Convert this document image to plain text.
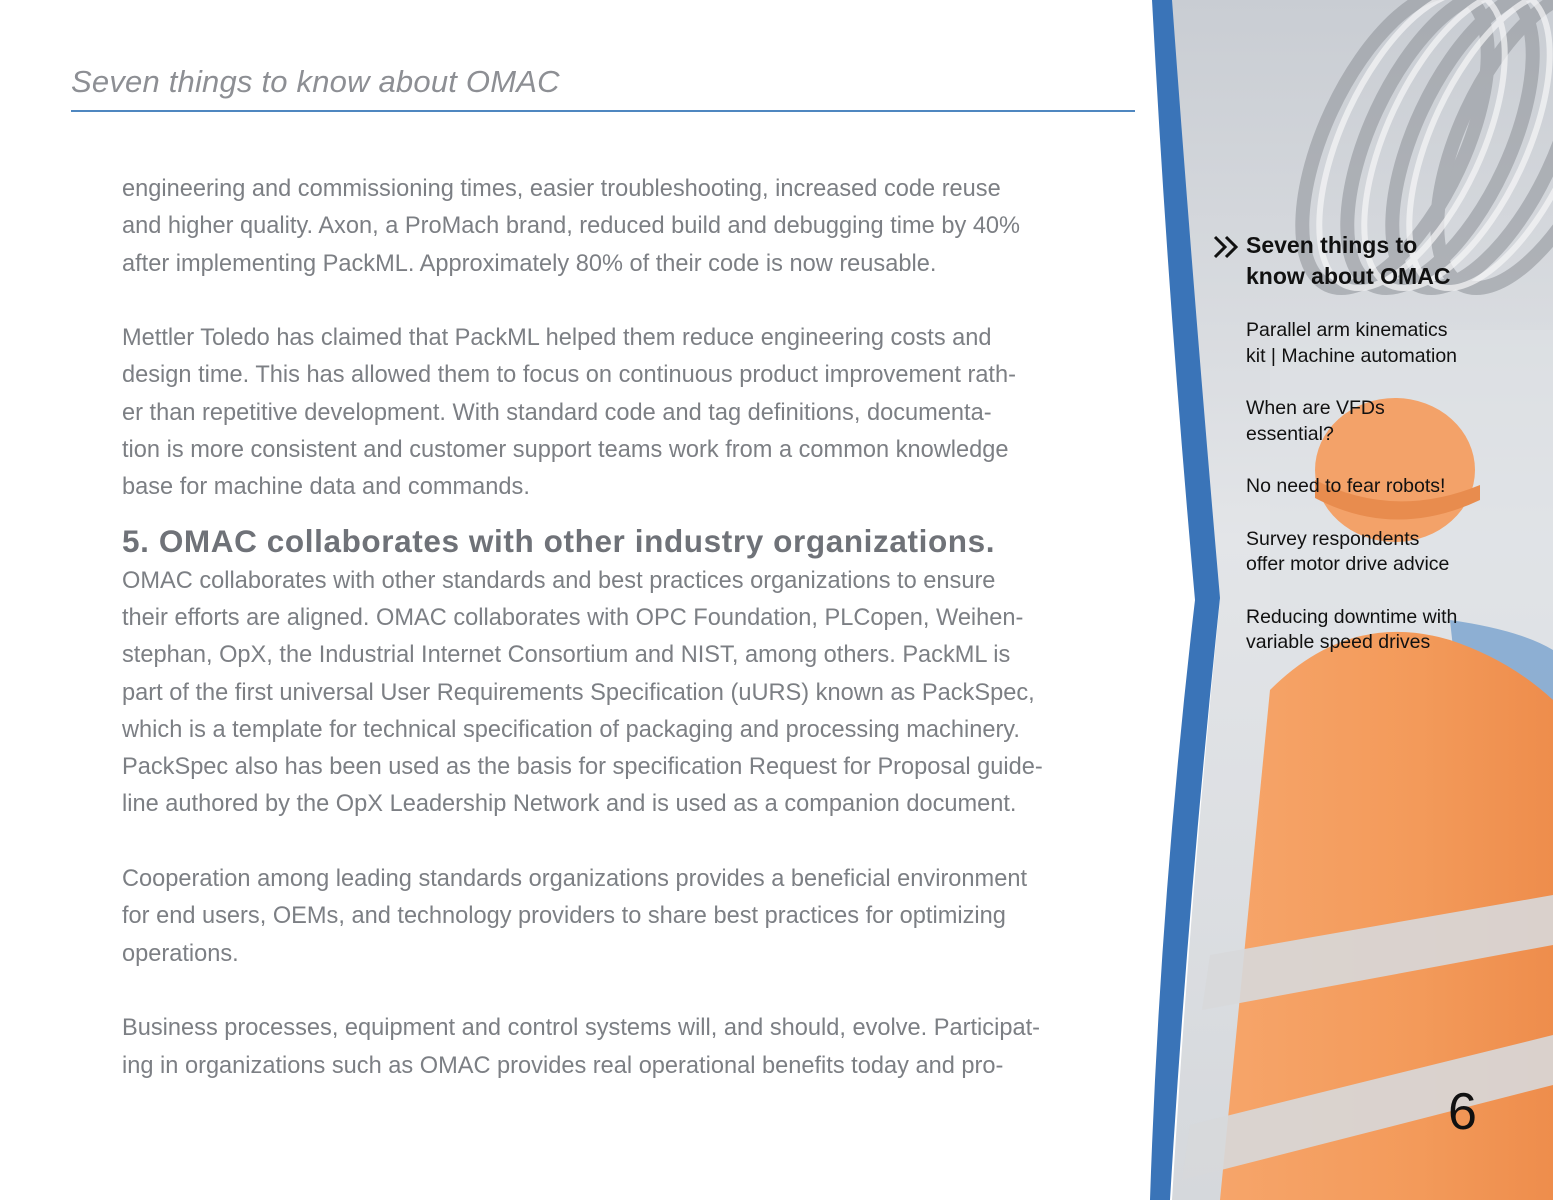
Seven things to know about OMAC

engineering and commissioning times, easier troubleshooting, increased code reuse

and higher quality. Axon, a ProMach brand, reduced build and debugging time by 40%

after implementing PackML. Approximately 80% of their code is now reusable.

Mettler Toledo has claimed that PackML helped them reduce engineering costs and

design time. This has allowed them to focus on continuous product improvement rath-

er than repetitive development. With standard code and tag definitions, documenta-

tion is more consistent and customer support teams work from a common knowledge

base for machine data and commands.

5. OMAC collaborates with other industry organizations.

OMAC collaborates with other standards and best practices organizations to ensure

their efforts are aligned. OMAC collaborates with OPC Foundation, PLCopen, Weihen-

stephan, OpX, the Industrial Internet Consortium and NIST, among others. PackML is

part of the first universal User Requirements Specification (uURS) known as PackSpec,

which is a template for technical specification of packaging and processing machinery.

PackSpec also has been used as the basis for specification Request for Proposal guide-

line authored by the OpX Leadership Network and is used as a companion document.

Cooperation among leading standards organizations provides a beneficial environment

for end users, OEMs, and technology providers to share best practices for optimizing

operations.

Business processes, equipment and control systems will, and should, evolve. Participat-

ing in organizations such as OMAC provides real operational benefits today and pro-

Seven things to
know about OMAC
Parallel arm kinematics
kit | Machine automation
When are VFDs
essential?
No need to fear robots!
Survey respondents
offer motor drive advice
Reducing downtime with
variable speed drives
6
